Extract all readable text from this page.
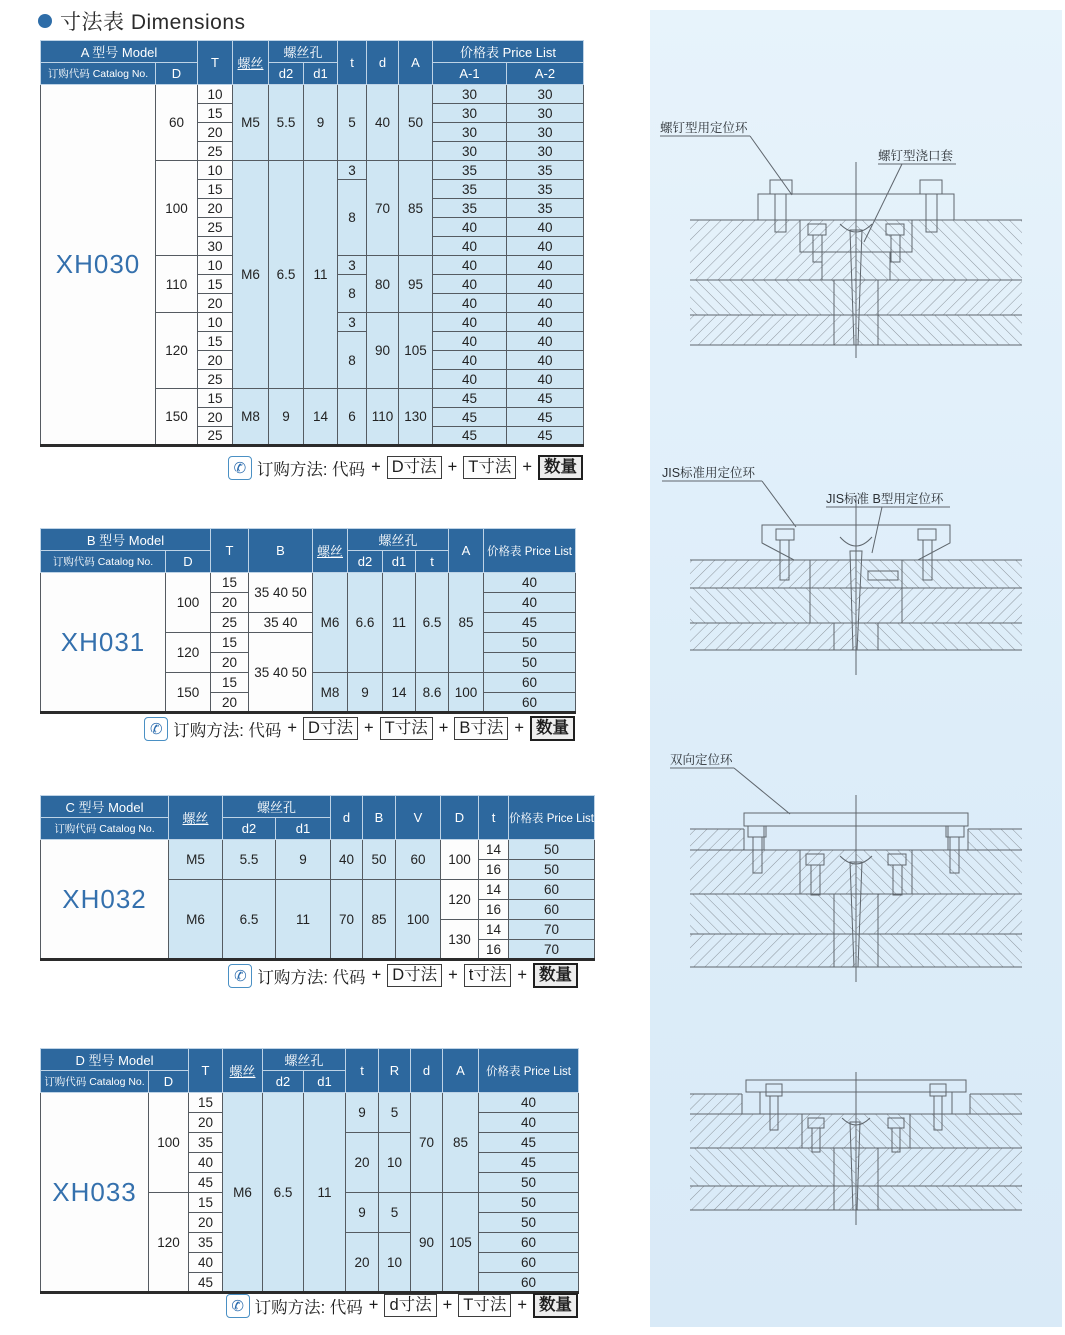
寸法表 Dimensions
A 型号 Model		T	螺丝	螺丝孔		t	d	A	价格表 Price List	
订购代码 Catalog No.	D			d2	d1				A-1	A-2
XH030	60	10	M5	5.5	9	5	40	50	30	30
		15							30	30
		20							30	30
		25							30	30
	100	10	M6	6.5	11	3	70	85	35	35
		15				8			35	35
		20							35	35
		25							40	40
		30							40	40
	110	10				3	80	95	40	40
		15				8			40	40
		20							40	40
	120	10				3	90	105	40	40
		15				8			40	40
		20							40	40
		25							40	40
	150	15	M8	9	14	6	110	130	45	45
		20							45	45
		25							45	45
✆ 订购方法: 代码 + D寸法 + T寸法 + 数量
B 型号 Model		T	B	螺丝	螺丝孔			A	价格表 Price List
订购代码 Catalog No.	D				d2	d1	t		
XH031	100	15	35 40 50	M6	6.6	11	6.5	85	40
		20							40
		25	35 40						45
	120	15	35 40 50						50
		20							50
	150	15		M8	9	14	8.6	100	60
		20							60
✆ 订购方法: 代码 + D寸法 + T寸法 + B寸法 + 数量
C 型号 Model	螺丝	螺丝孔		d	B	V	D	t	价格表 Price List
订购代码 Catalog No.		d2	d1						
XH032	M5	5.5	9	40	50	60	100	14	50
								16	50
	M6	6.5	11	70	85	100	120	14	60
								16	60
							130	14	70
								16	70
✆ 订购方法: 代码 + D寸法 + t寸法 + 数量
D 型号 Model		T	螺丝	螺丝孔		t	R	d	A	价格表 Price List
订购代码 Catalog No.	D			d2	d1					
XH033	100	15	M6	6.5	11	9	5	70	85	40
		20								40
		35				20	10			45
		40								45
		45								50
	120	15				9	5	90	105	50
		20								50
		35				20	10			60
		40								60
		45								60
✆ 订购方法: 代码 + d寸法 + T寸法 + 数量
螺钉型用定位环
螺钉型浇口套
JIS标准用定位环
JIS标准 B型用定位环
双向定位环
